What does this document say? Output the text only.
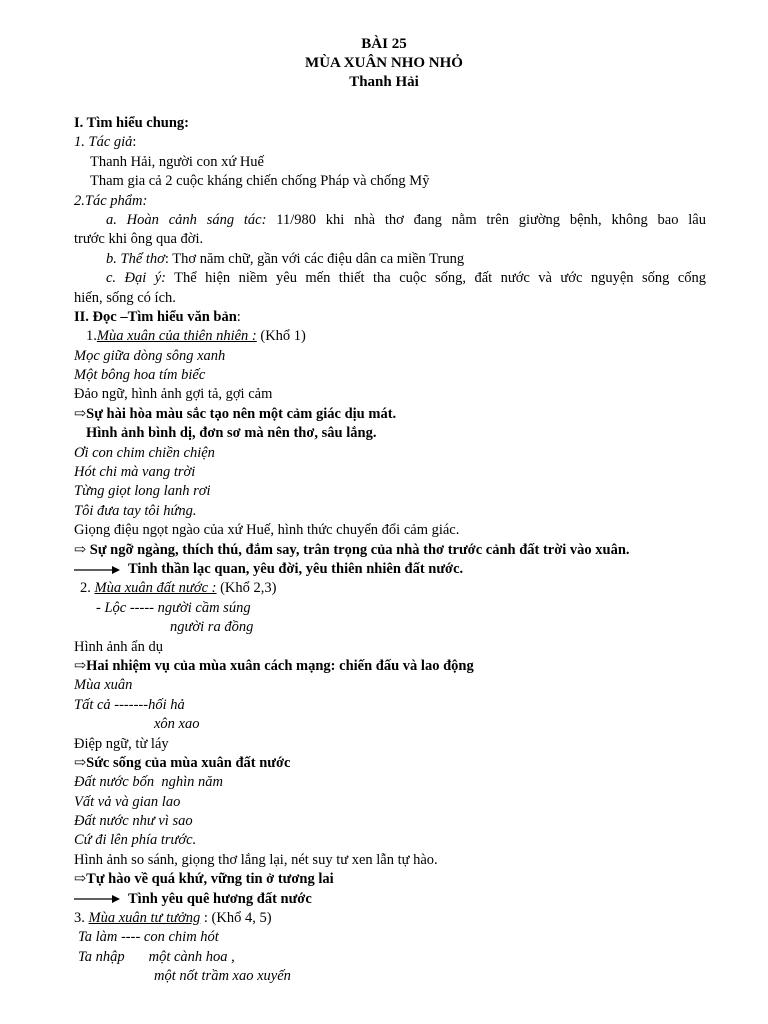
BÀI 25
MÙA XUÂN NHO NHỎ
Thanh Hải
I. Tìm hiểu chung:
1. Tác giả:
Thanh Hải, người con xứ Huế
Tham gia cả 2 cuộc kháng chiến chống Pháp và chống Mỹ
2.Tác phẩm:
a. Hoàn cảnh sáng tác: 11/980 khi nhà thơ đang nằm trên giường bệnh, không bao lâu
trước khi ông qua đời.
b. Thể thơ: Thơ năm chữ, gần với các điệu dân ca miền Trung
c. Đại ý: Thể hiện niềm yêu mến thiết tha cuộc sống, đất nước và ước nguyện sống cống
hiến, sống có ích.
II. Đọc –Tìm hiểu văn bản:
1.Mùa xuân của thiên nhiên : (Khổ 1)
Mọc giữa dòng sông xanh
Một bông hoa tím biếc
Đảo ngữ, hình ảnh gợi tả, gợi cảm
⇨Sự hài hòa màu sắc tạo nên một cảm giác dịu mát.
Hình ảnh bình dị, đơn sơ mà nên thơ, sâu lắng.
Ơi con chim chiền chiện
Hót chi mà vang trời
Từng giọt long lanh rơi
Tôi đưa tay tôi hứng.
Giọng điệu ngọt ngào của xứ Huế, hình thức chuyển đổi cảm giác.
⇨ Sự ngỡ ngàng, thích thú, đắm say, trân trọng của nhà thơ trước cảnh đất trời vào xuân.
Tinh thần lạc quan, yêu đời, yêu thiên nhiên đất nước.
2. Mùa xuân đất nước : (Khổ 2,3)
- Lộc ----- người cầm súng
người ra đồng
Hình ảnh ẩn dụ
⇨Hai nhiệm vụ của mùa xuân cách mạng: chiến đấu và lao động
Mùa xuân
Tất cả -------hối hả
xôn xao
Điệp ngữ, từ láy
⇨Sức sống của mùa xuân đất nước
Đất nước bốn  nghìn năm
Vất vả và gian lao
Đất nước như vì sao
Cứ đi lên phía trước.
Hình ảnh so sánh, giọng thơ lắng lại, nét suy tư xen lẫn tự hào.
⇨Tự hào về quá khứ, vững tin ở tương lai
Tình yêu quê hương đất nước
3. Mùa xuân tư tưởng : (Khổ 4, 5)
Ta làm ---- con chim hót
Ta nhập một cành hoa ,
một nốt trầm xao xuyến
